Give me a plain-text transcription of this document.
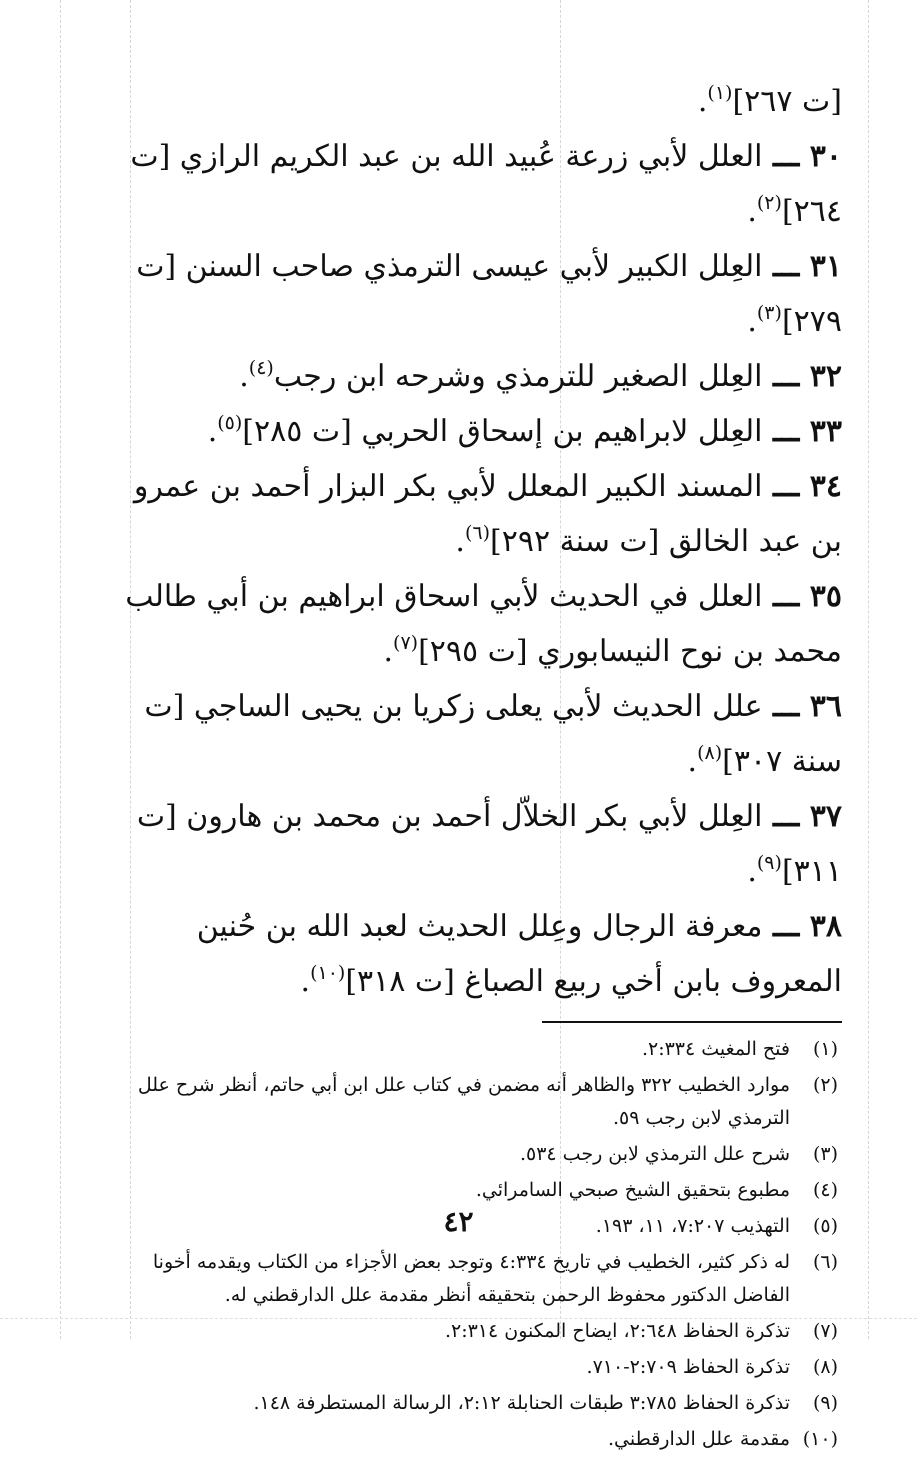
[ت ٢٦٧]$^{(١)}$.

٣٠ ـــ العلل لأبي زرعة عُبيد الله بن عبد الكريم الرازي [ت ٢٦٤]$^{(٢)}$.

٣١ ـــ العِلل الكبير لأبي عيسى الترمذي صاحب السنن [ت ٢٧٩]$^{(٣)}$.

٣٢ ـــ العِلل الصغير للترمذي وشرحه ابن رجب$^{(٤)}$.

٣٣ ـــ العِلل لابراهيم بن إسحاق الحربي [ت ٢٨٥]$^{(٥)}$.

٣٤ ـــ المسند الكبير المعلل لأبي بكر البزار أحمد بن عمرو بن عبد الخالق [ت سنة ٢٩٢]$^{(٦)}$.

٣٥ ـــ العلل في الحديث لأبي اسحاق ابراهيم بن أبي طالب محمد بن نوح النيسابوري [ت ٢٩٥]$^{(٧)}$.

٣٦ ـــ علل الحديث لأبي يعلى زكريا بن يحيى الساجي [ت سنة ٣٠٧]$^{(٨)}$.

٣٧ ـــ العِلل لأبي بكر الخلاّل أحمد بن محمد بن هارون [ت ٣١١]$^{(٩)}$.

٣٨ ـــ معرفة الرجال وعِلل الحديث لعبد الله بن حُنين المعروف بابن أخي ربيع الصباغ [ت ٣١٨]$^{(١٠)}$.

(١)
فتح المغيث ٢:٣٣٤.
(٢)
موارد الخطيب ٣٢٢ والظاهر أنه مضمن في كتاب علل ابن أبي حاتم، أنظر شرح علل الترمذي لابن رجب ٥٩.
(٣)
شرح علل الترمذي لابن رجب ٥٣٤.
(٤)
مطبوع بتحقيق الشيخ صبحي السامرائي.
(٥)
التهذيب ٧:٢٠٧، ١١، ١٩٣.
(٦)
له ذكر كثير، الخطيب في تاريخ ٤:٣٣٤ وتوجد بعض الأجزاء من الكتاب ويقدمه أخونا الفاضل الدكتور محفوظ الرحمن بتحقيقه أنظر مقدمة علل الدارقطني له.
(٧)
تذكرة الحفاظ ٢:٦٤٨، ايضاح المكنون ٢:٣١٤.
(٨)
تذكرة الحفاظ ٢:٧٠٩-٧١٠.
(٩)
تذكرة الحفاظ ٣:٧٨٥ طبقات الحنابلة ٢:١٢، الرسالة المستطرفة ١٤٨.
(١٠)
مقدمة علل الدارقطني.
٤٢
